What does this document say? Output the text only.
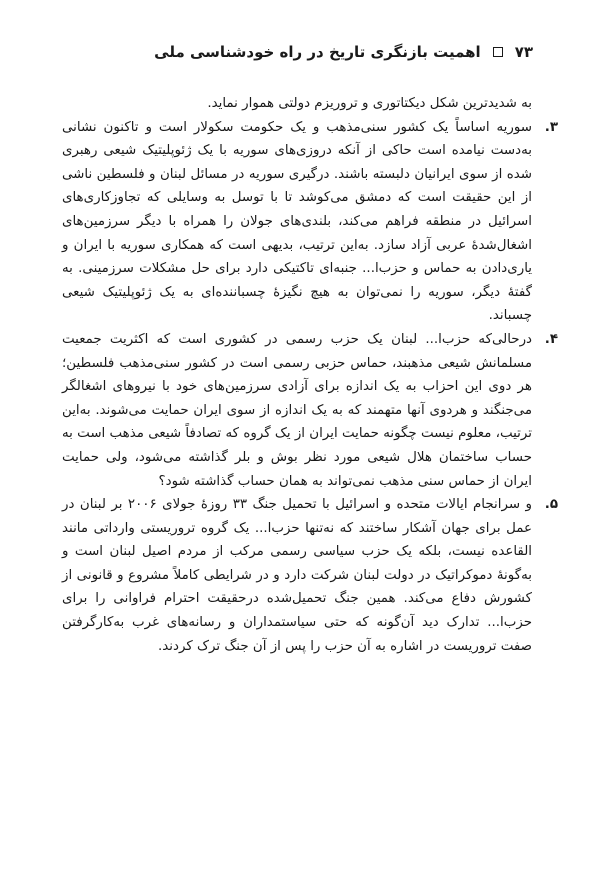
۷۳
اهمیت بازنگری تاریخ در راه خودشناسی ملی

به شدیدترین شکل دیکتاتوری و تروریزم دولتی هموار نماید.

۳.

سوریه اساساً یک کشور سنی‌مذهب و یک حکومت سکولار است و تاکنون نشانی به‌دست نیامده است حاکی از آنکه دروزی‌های سوریه با یک ژئوپلیتیک شیعی رهبری شده از سوی ایرانیان دلبسته باشند. درگیری سوریه در مسائل لبنان و فلسطین ناشی از این حقیقت است که دمشق می‌کوشد تا با توسل به وسایلی که تجاوزکاری‌های اسرائیل در منطقه فراهم می‌کند، بلندی‌های جولان را همراه با دیگر سرزمین‌های اشغال‌شدهٔ عربی آزاد سازد. به‌این ترتیب، بدیهی است که همکاری سوریه با ایران و یاری‌دادن به حماس و حزب‌ا... جنبه‌ای تاکتیکی دارد برای حل مشکلات سرزمینی. به گفتهٔ دیگر، سوریه را نمی‌توان به هیچ نگیزهٔ چسباننده‌ای به یک ژئوپلیتیک شیعی چسباند.

۴.

درحالی‌که حزب‌ا... لبنان یک حزب رسمی در کشوری است که اکثریت جمعیت مسلمانش شیعی مذهبند، حماس حزبی رسمی است در کشور سنی‌مذهب فلسطین؛ هر دوی این احزاب به یک اندازه برای آزادی سرزمین‌های خود با نیروهای اشغالگر می‌جنگند و هردوی آنها متهمند که به یک اندازه از سوی ایران حمایت می‌شوند. به‌این ترتیب، معلوم نیست چگونه حمایت ایران از یک گروه که تصادفاً شیعی مذهب است به حساب ساختمان هلال شیعی مورد نظر بوش و بلر گذاشته می‌شود، ولی حمایت ایران از حماس سنی مذهب نمی‌تواند به همان حساب گذاشته شود؟

۵.

و سرانجام ایالات متحده و اسرائیل با تحمیل جنگ ۳۳ روزهٔ جولای ۲۰۰۶ بر لبنان در عمل برای جهان آشکار ساختند که نه‌تنها حزب‌ا... یک گروه تروریستی وارداتی مانند القاعده نیست، بلکه یک حزب سیاسی رسمی مرکب از مردم اصیل لبنان است و به‌گونهٔ دموکراتیک در دولت لبنان شرکت دارد و در شرایطی کاملاً مشروع و قانونی از کشورش دفاع می‌کند. همین جنگ تحمیل‌شده درحقیقت احترام فراوانی را برای حزب‌ا... تدارک دید آن‌گونه که حتی سیاستمداران و رسانه‌های غرب به‌کارگرفتن صفت تروریست در اشاره به آن حزب را پس از آن جنگ ترک کردند.
